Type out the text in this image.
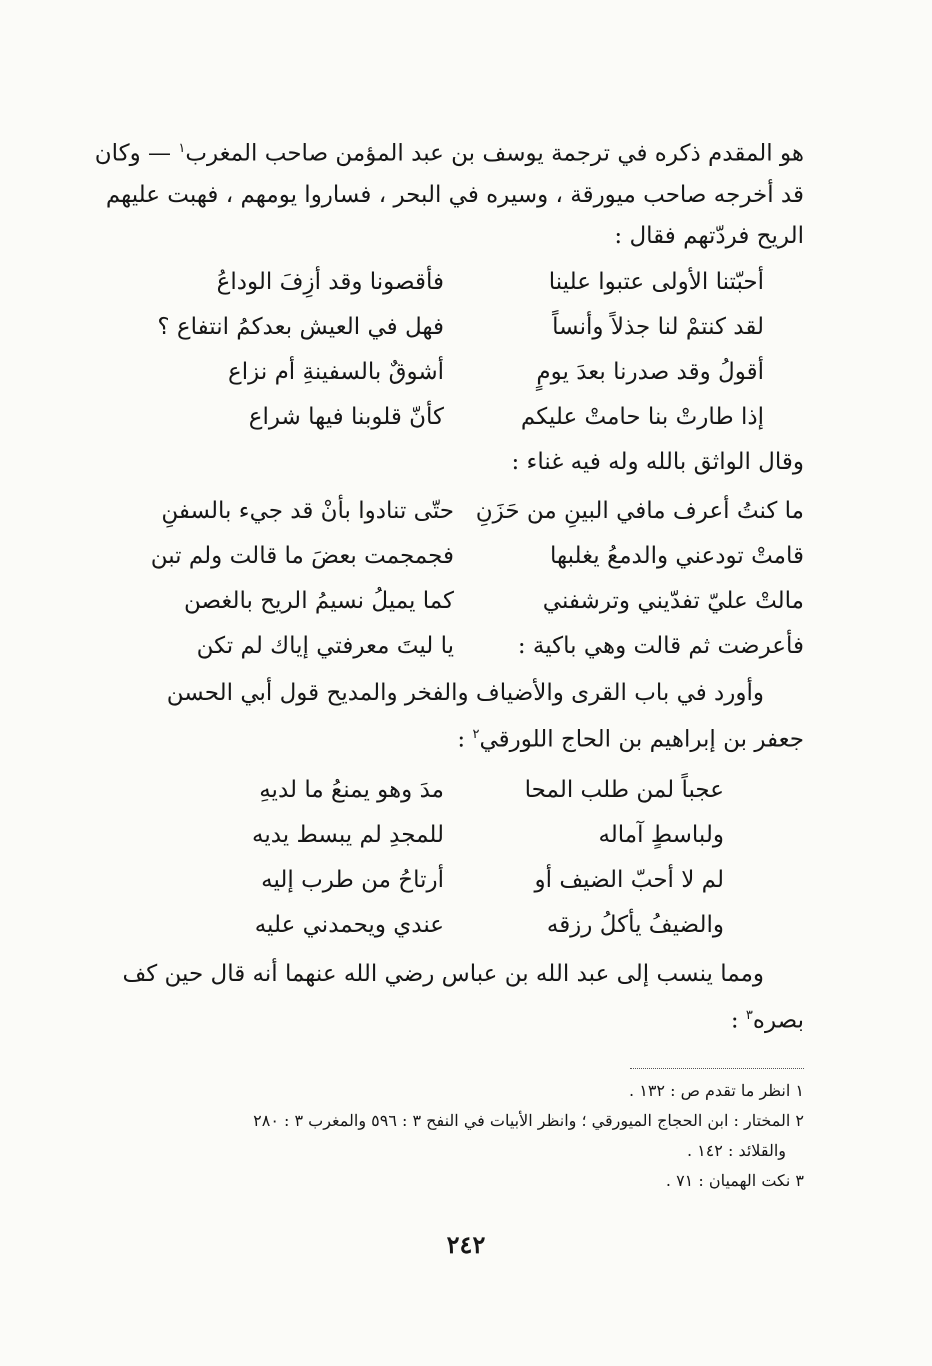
هو المقدم ذكره في ترجمة يوسف بن عبد المؤمن صاحب المغرب$^١$ — وكان
قد أخرجه صاحب ميورقة ، وسيره في البحر ، فساروا يومهم ، فهبت عليهم
الريح فردّتهم فقال :
أحبّتنا الأولى عتبوا علينا
فأقصونا وقد أزِفَ الوداعُ
لقد كنتمْ لنا جذلاً وأنساً
فهل في العيش بعدكمُ انتفاع ؟
أقولُ وقد صدرنا بعدَ يومٍ
أشوقٌ بالسفينةِ أم نزاع
إذا طارتْ بنا حامتْ عليكم
كأنّ قلوبنا فيها شراع
وقال الواثق بالله وله فيه غناء :
ما كنتُ أعرف مافي البينِ من حَزَنِ
حتّى تنادوا بأنْ قد جيء بالسفنِ
قامتْ تودعني والدمعُ يغلبها
فجمجمت بعضَ ما قالت ولم تبن
مالتْ عليّ تفدّيني وترشفني
كما يميلُ نسيمُ الريح بالغصن
فأعرضت ثم قالت وهي باكية :
يا ليتَ معرفتي إياك لم تكن
وأورد في باب القرى والأضياف والفخر والمديح قول أبي الحسن
جعفر بن إبراهيم بن الحاج اللورقي$^٢$ :
عجباً لمن طلب المحا
مدَ وهو يمنعُ ما لديهِ
ولباسطٍ آماله
للمجدِ لم يبسط يديه
لم لا أحبّ الضيف أو
أرتاحُ من طرب إليه
والضيفُ يأكلُ رزقه
عندي ويحمدني عليه
ومما ينسب إلى عبد الله بن عباس رضي الله عنهما أنه قال حين كف
بصره$^٣$ :
١ انظر ما تقدم ص : ١٣٢ .
٢ المختار : ابن الحجاج الميورقي ؛ وانظر الأبيات في النفح ٣ : ٥٩٦ والمغرب ٣ : ٢٨٠
والقلائد : ١٤٢ .
٣ نكت الهميان : ٧١ .
٢٤٢
